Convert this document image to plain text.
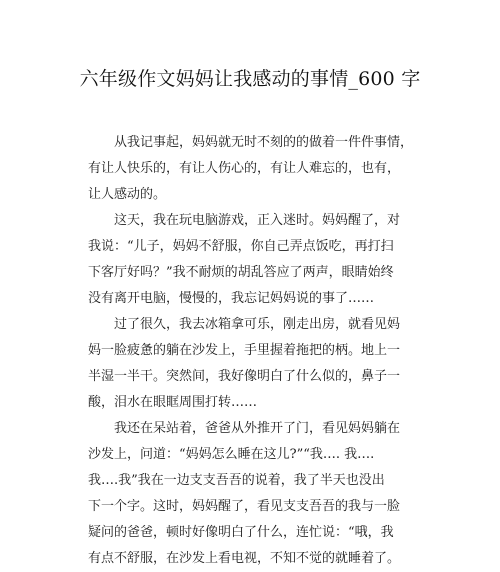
六年级作文妈妈让我感动的事情_600 字
从我记事起，妈妈就无时不刻的的做着一件件事情，
有让人快乐的，有让人伤心的，有让人难忘的，也有，
让人感动的。
这天，我在玩电脑游戏，正入迷时。妈妈醒了，对
我说：“儿子，妈妈不舒服，你自己弄点饭吃，再打扫
下客厅好吗？”我不耐烦的胡乱答应了两声，眼睛始终
没有离开电脑，慢慢的，我忘记妈妈说的事了……
过了很久，我去冰箱拿可乐，刚走出房，就看见妈
妈一脸疲惫的躺在沙发上，手里握着拖把的柄。地上一
半湿一半干。突然间，我好像明白了什么似的，鼻子一
酸，泪水在眼眶周围打转……
我还在呆站着，爸爸从外推开了门，看见妈妈躺在
沙发上，问道：“妈妈怎么睡在这儿?”“我…. 我….
我….我”我在一边支支吾吾的说着，我了半天也没出
下一个字。这时，妈妈醒了，看见支支吾吾的我与一脸
疑问的爸爸，顿时好像明白了什么，连忙说：“哦，我
有点不舒服，在沙发上看电视，不知不觉的就睡着了。
